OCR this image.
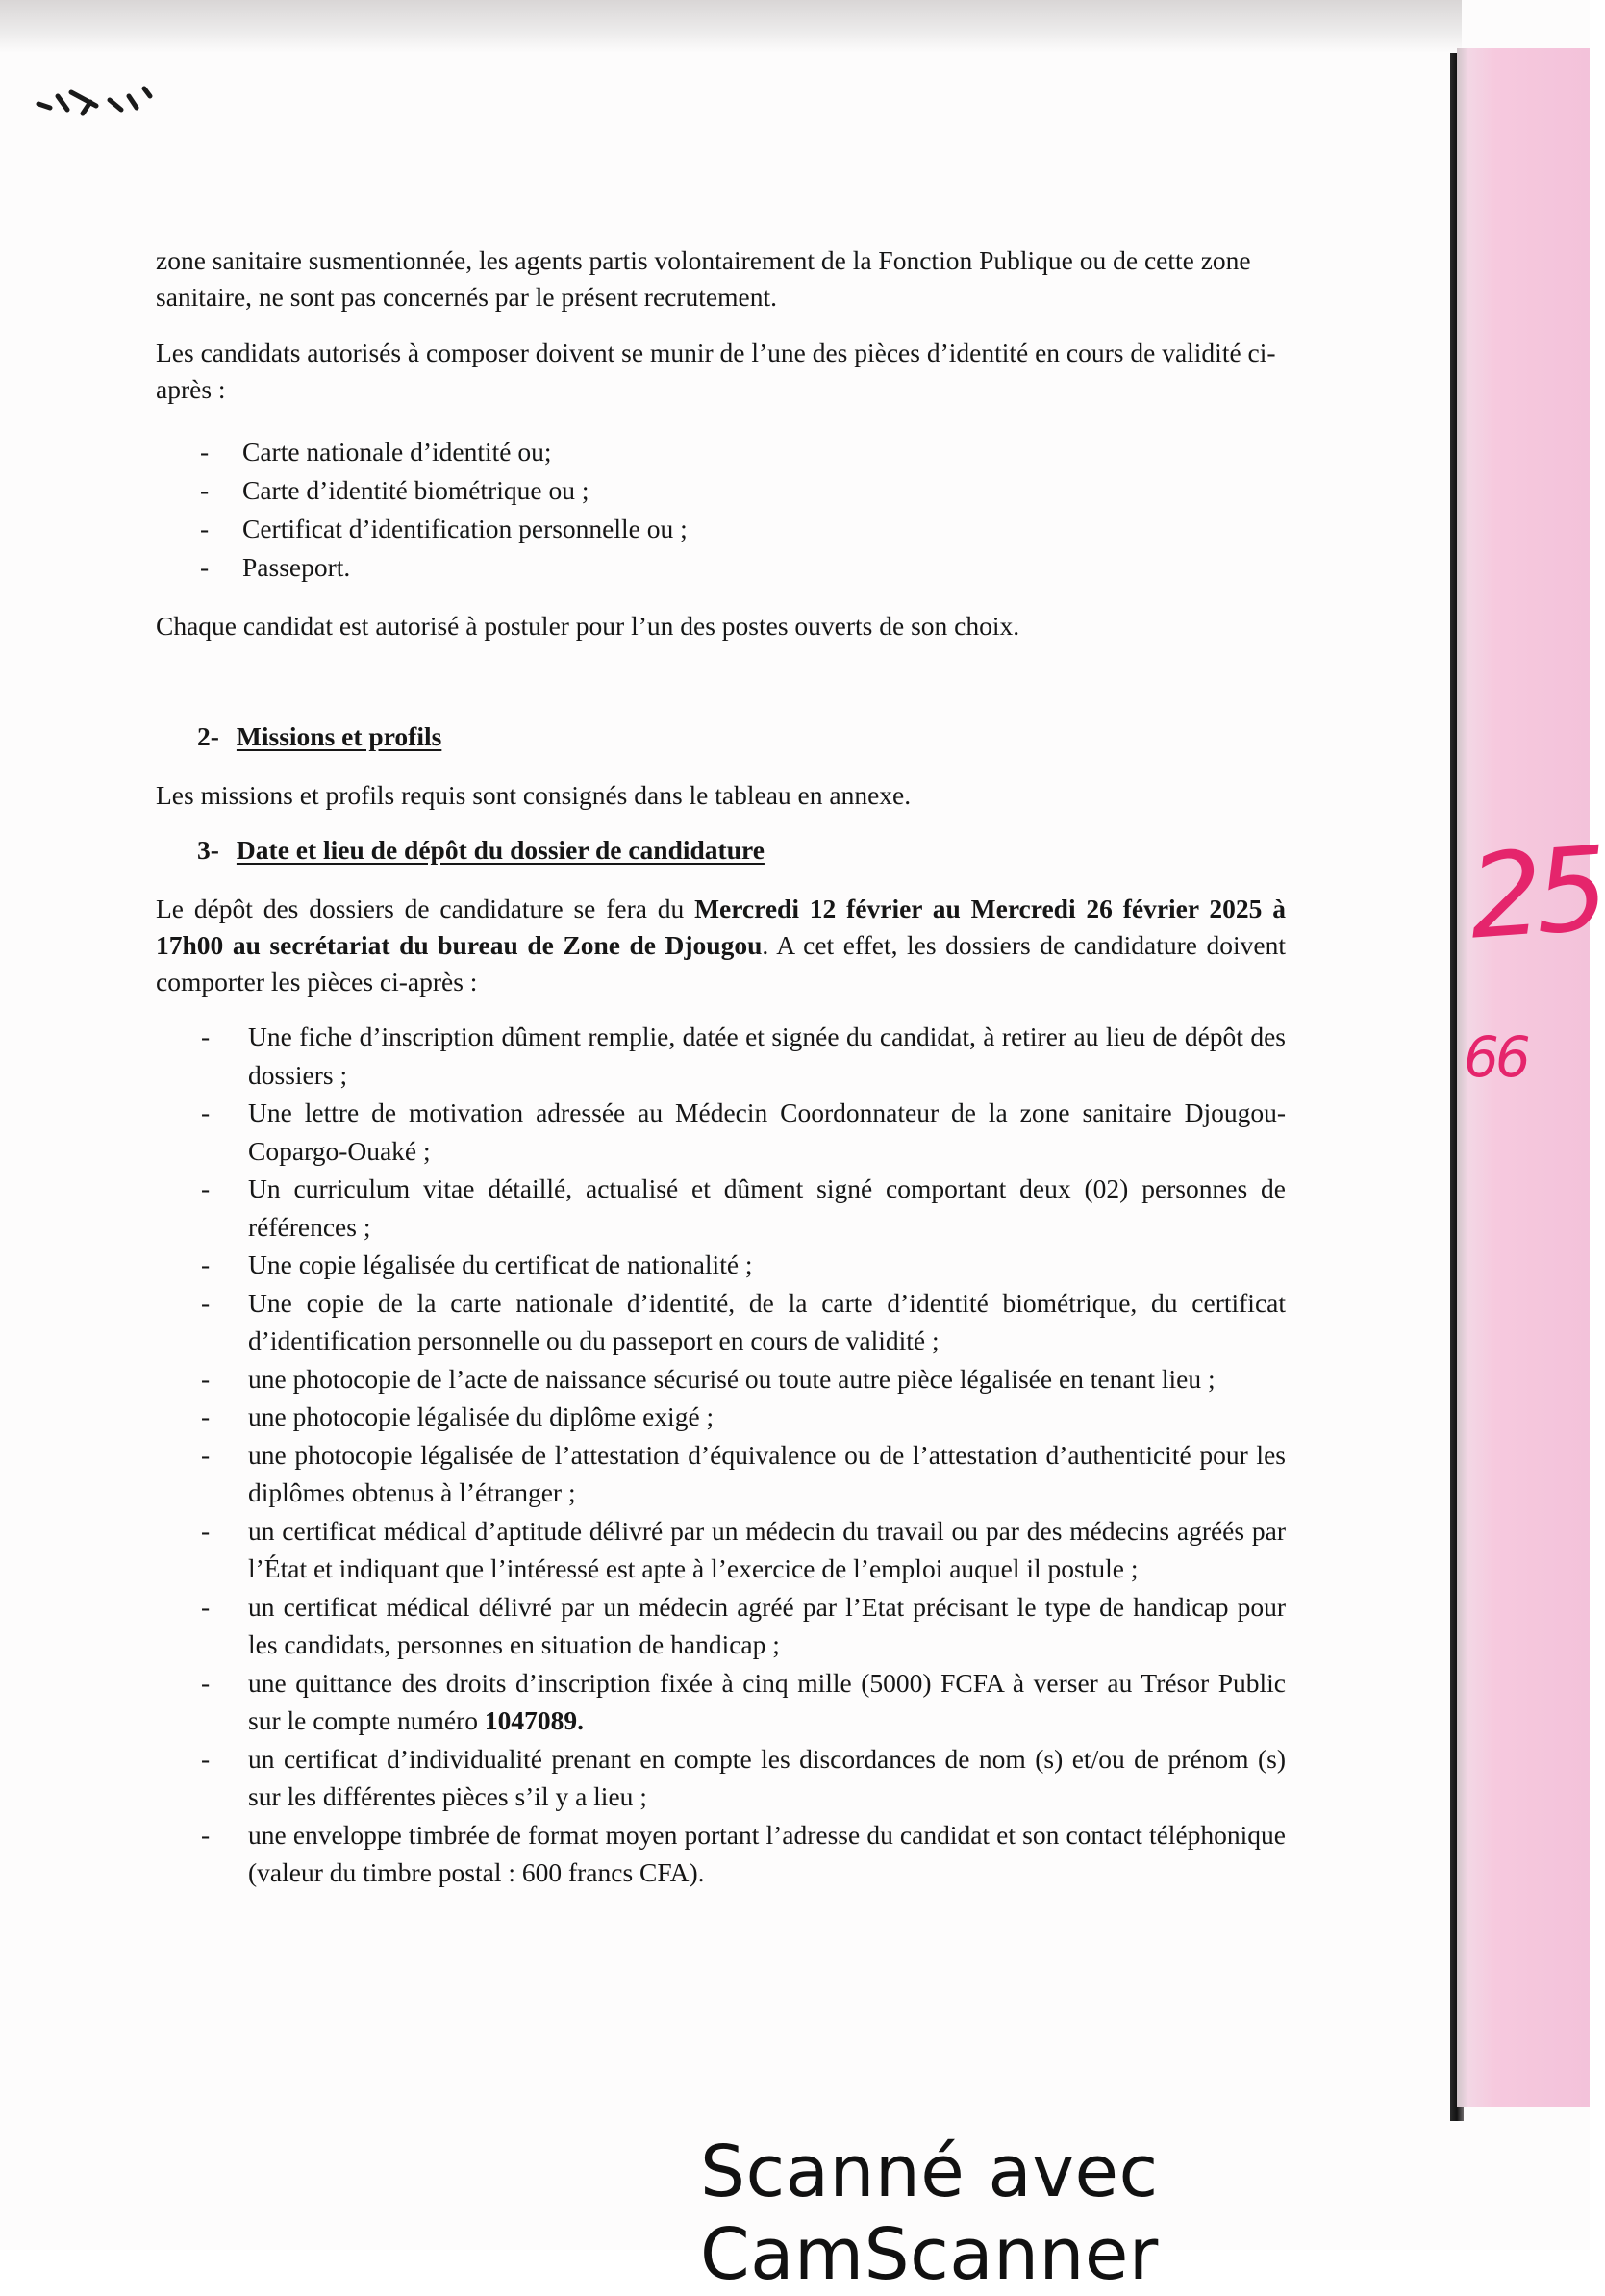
25
66
zone sanitaire susmentionnée, les agents partis volontairement de la Fonction Publique ou de cette zone sanitaire, ne sont pas concernés par le présent recrutement.
Les candidats autorisés à composer doivent se munir de l’une des pièces d’identité en cours de validité ci-après :
- Carte nationale d’identité ou;
- Carte d’identité biométrique ou ;
- Certificat d’identification personnelle ou ;
- Passeport.
Chaque candidat est autorisé à postuler pour l’un des postes ouverts de son choix.
2- Missions et profils
Les missions et profils requis sont consignés dans le tableau en annexe.
3- Date et lieu de dépôt du dossier de candidature
Le dépôt des dossiers de candidature se fera du Mercredi 12 février au Mercredi 26 février 2025 à 17h00 au secrétariat du bureau de Zone de Djougou. A cet effet, les dossiers de candidature doivent comporter les pièces ci-après :
- Une fiche d’inscription dûment remplie, datée et signée du candidat, à retirer au lieu de dépôt des dossiers ;
- Une lettre de motivation adressée au Médecin Coordonnateur de la zone sanitaire Djougou-Copargo-Ouaké ;
- Un curriculum vitae détaillé, actualisé et dûment signé comportant deux (02) personnes de références ;
- Une copie légalisée du certificat de nationalité ;
- Une copie de la carte nationale d’identité, de la carte d’identité biométrique, du certificat d’identification personnelle ou du passeport en cours de validité ;
- une photocopie de l’acte de naissance sécurisé ou toute autre pièce légalisée en tenant lieu ;
- une photocopie légalisée du diplôme exigé ;
- une photocopie légalisée de l’attestation d’équivalence ou de l’attestation d’authenticité pour les diplômes obtenus à l’étranger ;
- un certificat médical d’aptitude délivré par un médecin du travail ou par des médecins agréés par l’État et indiquant que l’intéressé est apte à l’exercice de l’emploi auquel il postule ;
- un certificat médical délivré par un médecin agréé par l’Etat précisant le type de handicap pour les candidats, personnes en situation de handicap ;
- une quittance des droits d’inscription fixée à cinq mille (5000) FCFA à verser au Trésor Public sur le compte numéro 1047089.
- un certificat d’individualité prenant en compte les discordances de nom (s) et/ou de prénom (s) sur les différentes pièces s’il y a lieu ;
- une enveloppe timbrée de format moyen portant l’adresse du candidat et son contact téléphonique (valeur du timbre postal : 600 francs CFA).
Scanné avec CamScanner
